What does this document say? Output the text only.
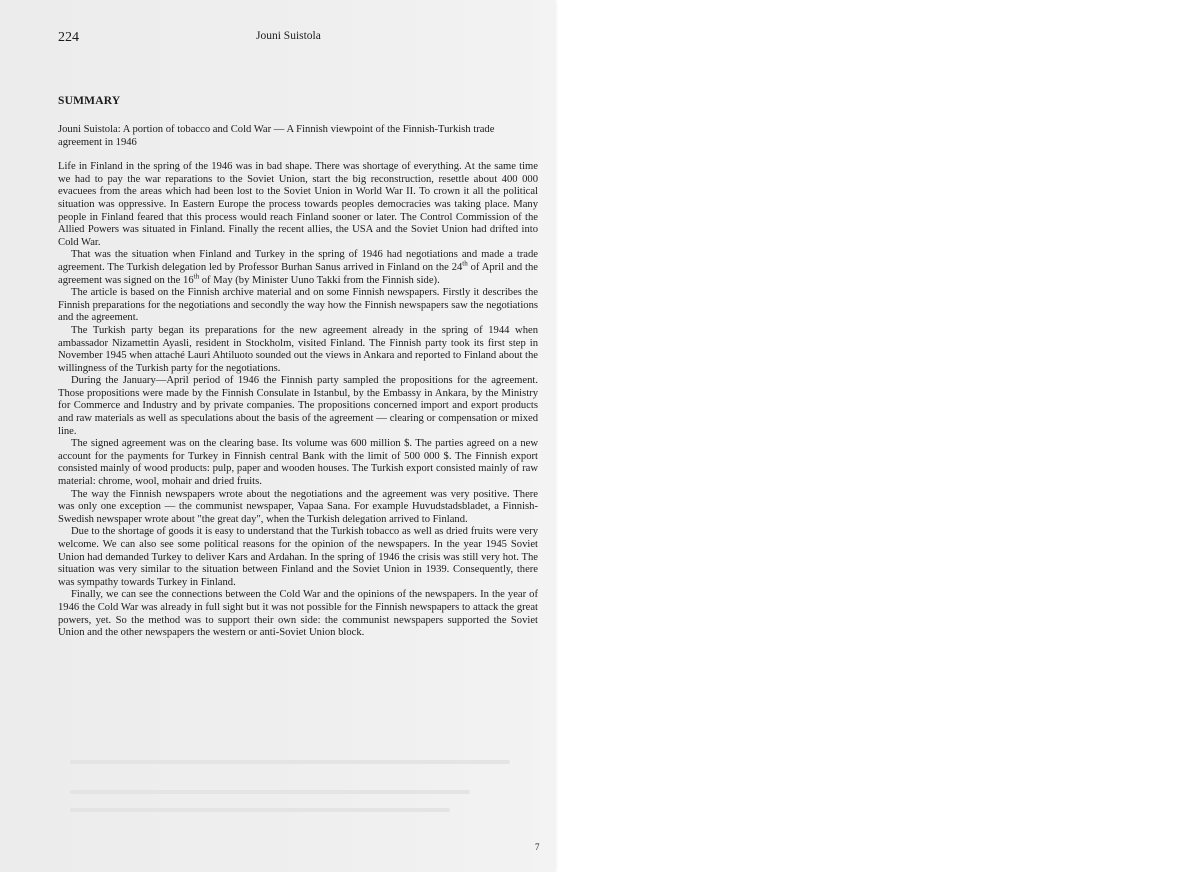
224	Jouni Suistola
SUMMARY

Jouni Suistola: A portion of tobacco and Cold War — A Finnish viewpoint of the Finnish-Turkish trade agreement in 1946

Life in Finland in the spring of the 1946 was in bad shape. There was shortage of everything. At the same time we had to pay the war reparations to the Soviet Union, start the big reconstruction, resettle about 400 000 evacuees from the areas which had been lost to the Soviet Union in World War II. To crown it all the political situation was oppressive. In Eastern Europe the process towards peoples democracies was taking place. Many people in Finland feared that this process would reach Finland sooner or later. The Control Commission of the Allied Powers was situated in Finland. Finally the recent allies, the USA and the Soviet Union had drifted into Cold War.

That was the situation when Finland and Turkey in the spring of 1946 had negotiations and made a trade agreement. The Turkish delegation led by Professor Burhan Sanus arrived in Finland on the 24th of April and the agreement was signed on the 16th of May (by Minister Uuno Takki from the Finnish side).

The article is based on the Finnish archive material and on some Finnish newspapers. Firstly it describes the Finnish preparations for the negotiations and secondly the way how the Finnish newspapers saw the negotiations and the agreement.

The Turkish party began its preparations for the new agreement already in the spring of 1944 when ambassador Nizamettin Ayasli, resident in Stockholm, visited Finland. The Finnish party took its first step in November 1945 when attaché Lauri Ahtiluoto sounded out the views in Ankara and reported to Finland about the willingness of the Turkish party for the negotiations.

During the January—April period of 1946 the Finnish party sampled the propositions for the agreement. Those propositions were made by the Finnish Consulate in Istanbul, by the Embassy in Ankara, by the Ministry for Commerce and Industry and by private companies. The propositions concerned import and export products and raw materials as well as speculations about the basis of the agreement — clearing or compensation or mixed line.

The signed agreement was on the clearing base. Its volume was 600 million $. The parties agreed on a new account for the payments for Turkey in Finnish central Bank with the limit of 500 000 $. The Finnish export consisted mainly of wood products: pulp, paper and wooden houses. The Turkish export consisted mainly of raw material: chrome, wool, mohair and dried fruits.

The way the Finnish newspapers wrote about the negotiations and the agreement was very positive. There was only one exception — the communist newspaper, Vapaa Sana. For example Huvudstadsbladet, a Finnish-Swedish newspaper wrote about "the great day", when the Turkish delegation arrived to Finland.

Due to the shortage of goods it is easy to understand that the Turkish tobacco as well as dried fruits were very welcome. We can also see some political reasons for the opinion of the newspapers. In the year 1945 Soviet Union had demanded Turkey to deliver Kars and Ardahan. In the spring of 1946 the crisis was still very hot. The situation was very similar to the situation between Finland and the Soviet Union in 1939. Consequently, there was sympathy towards Turkey in Finland.

Finally, we can see the connections between the Cold War and the opinions of the newspapers. In the year of 1946 the Cold War was already in full sight but it was not possible for the Finnish newspapers to attack the great powers, yet. So the method was to support their own side: the communist newspapers supported the Soviet Union and the other newspapers the western or anti-Soviet Union block.

7
